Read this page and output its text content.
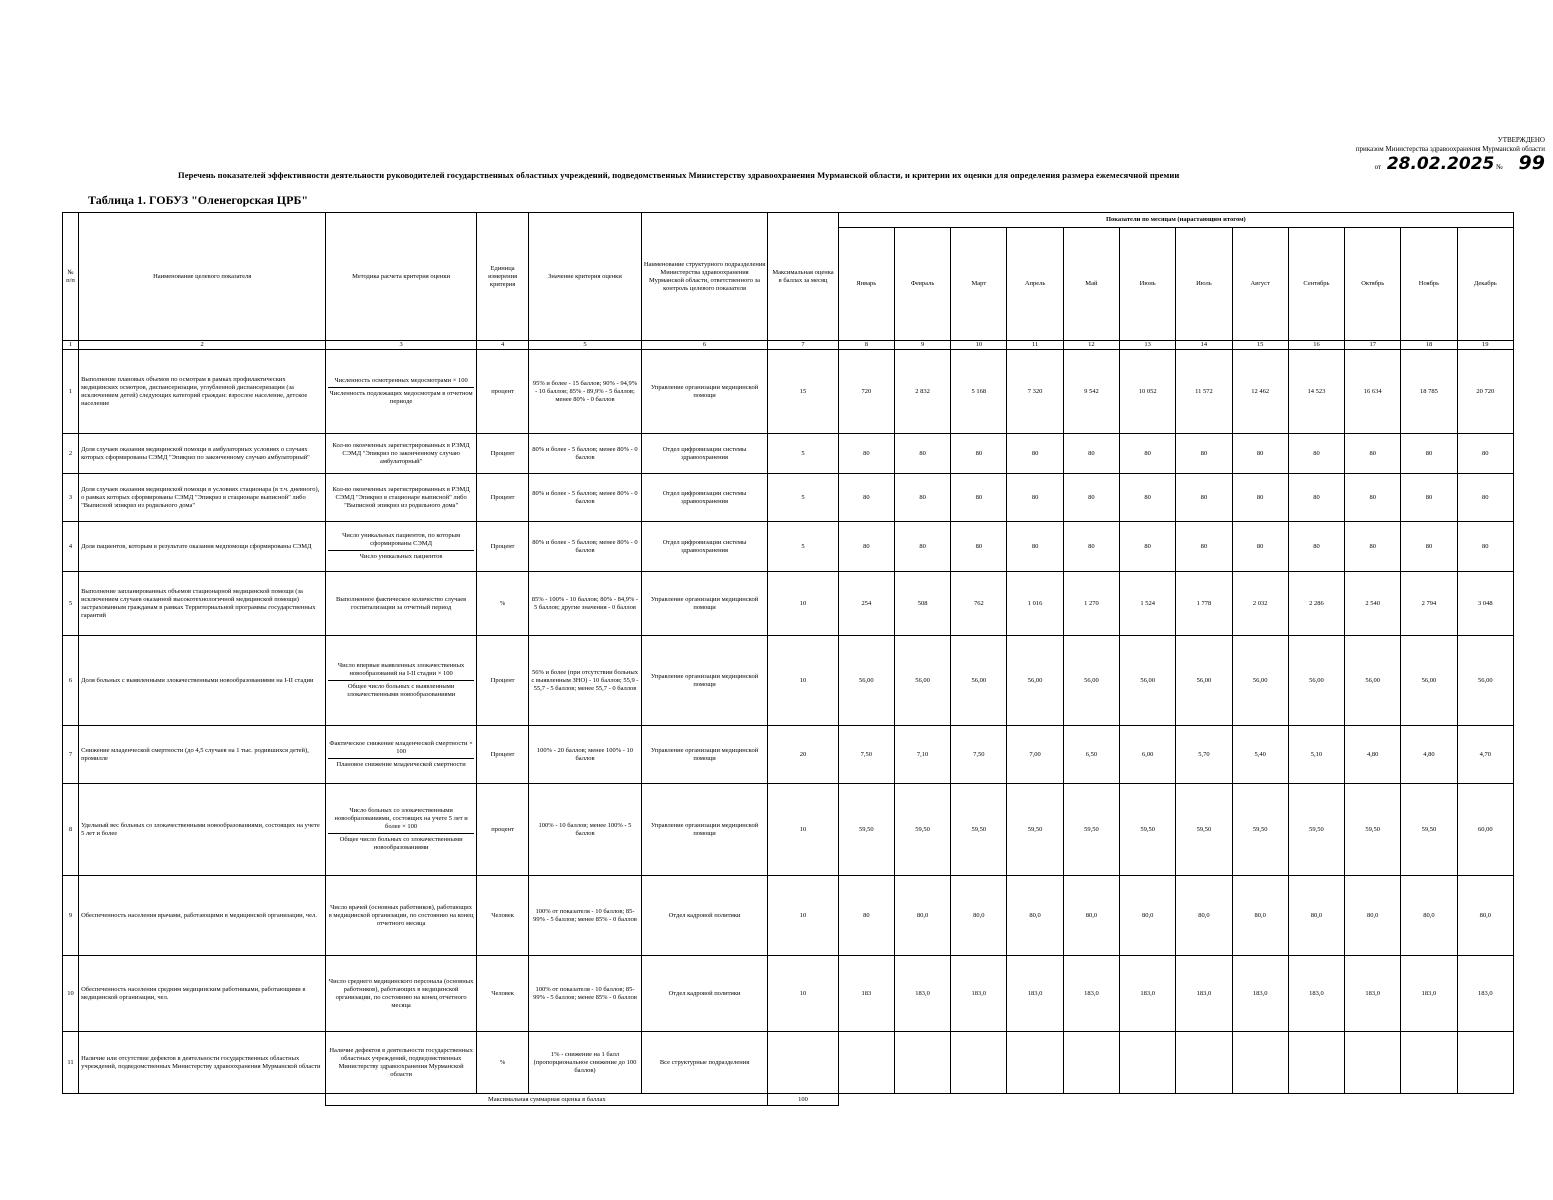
УТВЕРЖДЕНО
приказом Министерства здравоохранения Мурманской области
от 28.02.2025 № 99
Перечень показателей эффективности деятельности руководителей государственных областных учреждений, подведомственных Министерству здравоохранения Мурманской области, и критерии их оценки для определения размера ежемесячной премии
Таблица 1. ГОБУЗ "Оленегорская ЦРБ"
№ п/п	Наименование целевого показателя	Методика расчета критерия оценки	Единица измерения критерия	Значение критерия оценки	Наименование структурного подразделения Министерства здравоохранения Мурманской области, ответственного за контроль целевого показателя	Максимальная оценка в баллах за месяц	Показатели по месяцам (нарастающим итогом)											
							Январь	Февраль	Март	Апрель	Май	Июнь	Июль	Август	Сентябрь	Октябрь	Ноябрь	Декабрь
1	2	3	4	5	6	7	8	9	10	11	12	13	14	15	16	17	18	19
1	Выполнение плановых объемов по осмотрам в рамках профилактических медицинских осмотров, диспансеризации, углубленной диспансеризации (за исключением детей) следующих категорий граждан: взрослое население, детское население	Численность осмотренных медосмотрами × 100
Численность подлежащих медосмотрам в отчетном периоде	процент	95% и более - 15 баллов; 90% - 94,9% - 10 баллов; 85% - 89,9% - 5 баллов; менее 80% - 0 баллов	Управление организации медицинской помощи	15	720	2 832	5 168	7 320	9 542	10 052	11 572	12 462	14 523	16 634	18 785	20 720
2	Доля случаев оказания медицинской помощи в амбулаторных условиях о случаях которых сформированы СЭМД "Эпикриз по законченному случаю амбулаторный"	Кол-во оконченных зарегистрированных в РЭМД СЭМД "Эпикриз по законченному случаю амбулаторный"	Процент	80% и более - 5 баллов; менее 80% - 0 баллов	Отдел цифровизации системы здравоохранения	5	80	80	80	80	80	80	80	80	80	80	80	80
3	Доля случаев оказания медицинской помощи в условиях стационара (в т.ч. дневного), о рамках которых сформированы СЭМД "Эпикриз в стационаре выписной" либо "Выписной эпикриз из родильного дома"	Кол-во оконченных зарегистрированных в РЭМД СЭМД "Эпикриз в стационаре выписной" либо "Выписной эпикриз из родильного дома"	Процент	80% и более - 5 баллов; менее 80% - 0 баллов	Отдел цифровизации системы здравоохранения	5	80	80	80	80	80	80	80	80	80	80	80	80
4	Доля пациентов, которым в результате оказания медпомощи сформированы СЭМД	Число уникальных пациентов, по которым сформированы СЭМД
Число уникальных пациентов	Процент	80% и более - 5 баллов; менее 80% - 0 баллов	Отдел цифровизации системы здравоохранения	5	80	80	80	80	80	80	80	80	80	80	80	80
5	Выполнение запланированных объемов стационарной медицинской помощи (за исключением случаев оказанной высокотехнологичной медицинской помощи) застрахованным гражданам в рамках Территориальной программы государственных гарантий	Выполненное фактическое количество случаев госпитализации за отчетный период	%	85% - 100% - 10 баллов; 80% - 84,9% - 5 баллов; другие значения - 0 баллов	Управление организации медицинской помощи	10	254	508	762	1 016	1 270	1 524	1 778	2 032	2 286	2 540	2 794	3 048
6	Доля больных с выявленными злокачественными новообразованиями на I-II стадии	Число впервые выявленных злокачественных новообразований на I-II стадии × 100
Общее число больных с выявленными злокачественными новообразованиями	Процент	56% и более (при отсутствии больных с выявленным ЗНО) - 10 баллов; 55,9 - 55,7 - 5 баллов; менее 55,7 - 0 баллов	Управление организации медицинской помощи	10	56,00	56,00	56,00	56,00	56,00	56,00	56,00	56,00	56,00	56,00	56,00	56,00
7	Снижение младенческой смертности (до 4,5 случаев на 1 тыс. родившихся детей), промилле	Фактическое снижение младенческой смертности × 100
Плановое снижение младенческой смертности	Процент	100% - 20 баллов; менее 100% - 10 баллов	Управление организации медицинской помощи	20	7,50	7,10	7,50	7,00	6,50	6,00	5,70	5,40	5,10	4,80	4,80	4,70
8	Удельный вес больных со злокачественными новообразованиями, состоящих на учете 5 лет и более	Число больных со злокачественными новообразованиями, состоящих на учете 5 лет и более × 100
Общее число больных со злокачественными новообразованиями	процент	100% - 10 баллов; менее 100% - 5 баллов	Управление организации медицинской помощи	10	59,50	59,50	59,50	59,50	59,50	59,50	59,50	59,50	59,50	59,50	59,50	60,00
9	Обеспеченность населения врачами, работающими в медицинской организации, чел.	Число врачей (основных работников), работающих в медицинской организации, по состоянию на конец отчетного месяца	Человек	100% от показателя - 10 баллов; 85-99% - 5 баллов; менее 85% - 0 баллов	Отдел кадровой политики	10	80	80,0	80,0	80,0	80,0	80,0	80,0	80,0	80,0	80,0	80,0	80,0
10	Обеспеченность населения средним медицинским работниками, работающими в медицинской организации, чел.	Число среднего медицинского персонала (основных работников), работающих в медицинской организации, по состоянию на конец отчетного месяца	Человек	100% от показателя - 10 баллов; 85-99% - 5 баллов; менее 85% - 0 баллов	Отдел кадровой политики	10	183	183,0	183,0	183,0	183,0	183,0	183,0	183,0	183,0	183,0	183,0	183,0
11	Наличие или отсутствие дефектов в деятельности государственных областных учреждений, подведомственных Министерству здравоохранения Мурманской области	Наличие дефектов в деятельности государственных областных учреждений, подведомственных Министерству здравоохранения Мурманской области	%	1% - снижение на 1 балл (пропорциональное снижение до 100 баллов)	Все структурные подразделения													
		Максимальная суммарная оценка в баллах				100												
